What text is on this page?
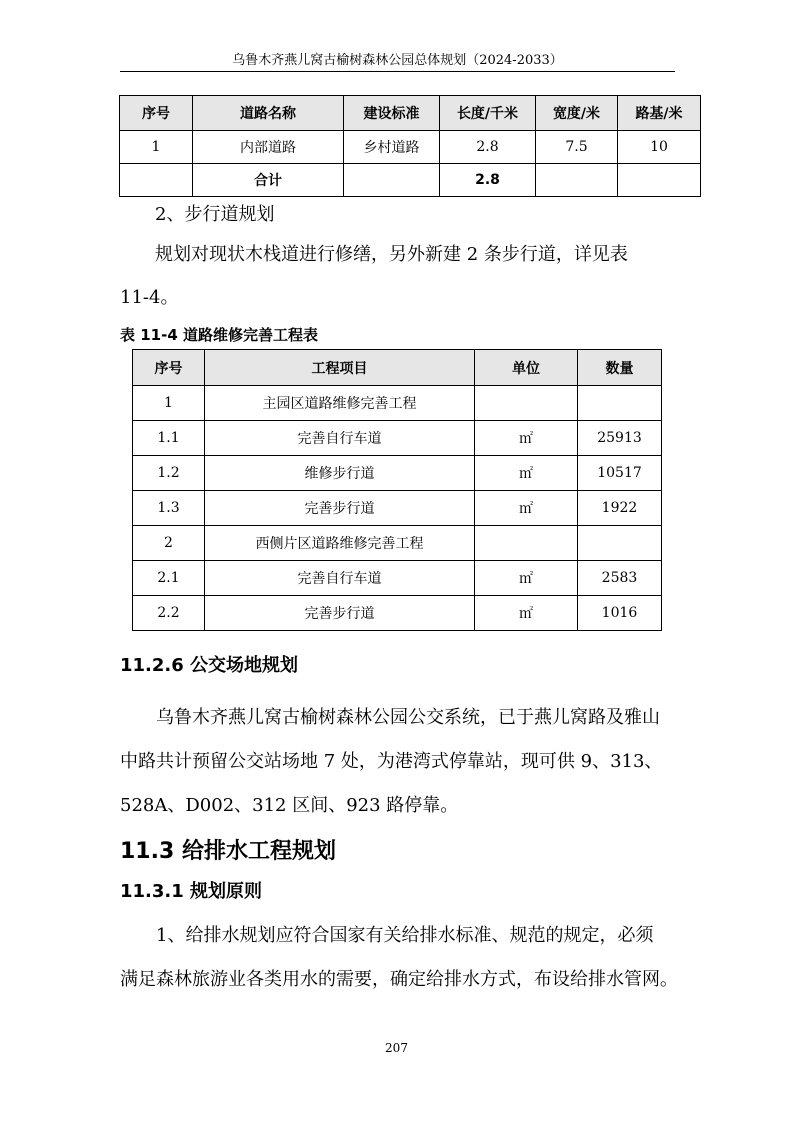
乌鲁木齐燕儿窝古榆树森林公园总体规划（2024-2033）
序号	道路名称	建设标准	长度/千米	宽度/米	路基/米
1	内部道路	乡村道路	2.8	7.5	10
	合计		2.8		

2、步行道规划

规划对现状木栈道进行修缮，另外新建 2 条步行道，详见表

11-4。

表 11-4 道路维修完善工程表
序号	工程项目	单位	数量
1	主园区道路维修完善工程		
1.1	完善自行车道	㎡	25913
1.2	维修步行道	㎡	10517
1.3	完善步行道	㎡	1922
2	西侧片区道路维修完善工程		
2.1	完善自行车道	㎡	2583
2.2	完善步行道	㎡	1016
11.2.6 公交场地规划
乌鲁木齐燕儿窝古榆树森林公园公交系统，已于燕儿窝路及雅山
中路共计预留公交站场地 7 处，为港湾式停靠站，现可供 9、313、
528A、D002、312 区间、923 路停靠。
11.3 给排水工程规划
11.3.1 规划原则
1、给排水规划应符合国家有关给排水标准、规范的规定，必须
满足森林旅游业各类用水的需要，确定给排水方式，布设给排水管网。
207
